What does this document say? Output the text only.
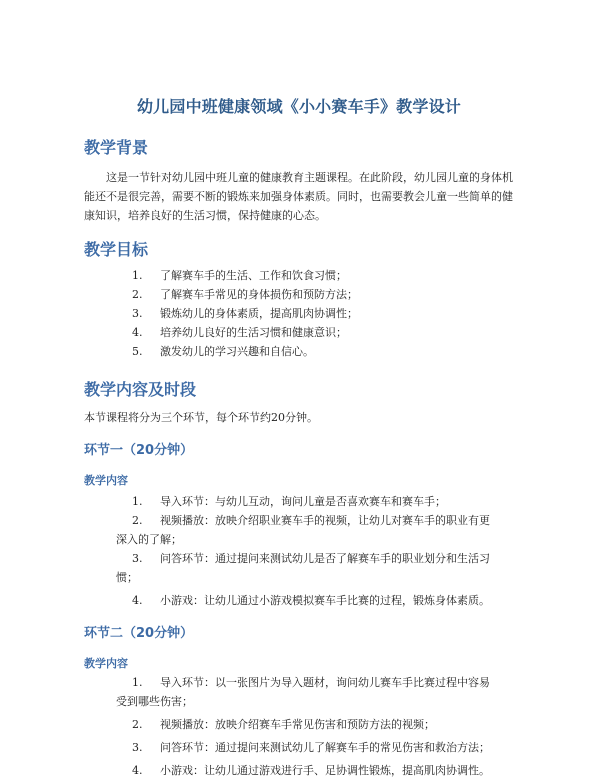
幼儿园中班健康领域《小小赛车手》教学设计
教学背景

这是一节针对幼儿园中班儿童的健康教育主题课程。在此阶段，幼儿园儿童的身体机能还不是很完善，需要不断的锻炼来加强身体素质。同时，也需要教会儿童一些简单的健康知识，培养良好的生活习惯，保持健康的心态。

教学目标
1. 了解赛车手的生活、工作和饮食习惯；
2. 了解赛车手常见的身体损伤和预防方法；
3. 锻炼幼儿的身体素质，提高肌肉协调性；
4. 培养幼儿良好的生活习惯和健康意识；
5. 激发幼儿的学习兴趣和自信心。
教学内容及时段

本节课程将分为三个环节，每个环节约20分钟。

环节一（20分钟）
教学内容
1. 导入环节：与幼儿互动，询问儿童是否喜欢赛车和赛车手；
2. 视频播放：放映介绍职业赛车手的视频，让幼儿对赛车手的职业有更
深入的了解；
3. 问答环节：通过提问来测试幼儿是否了解赛车手的职业划分和生活习
惯；
4. 小游戏：让幼儿通过小游戏模拟赛车手比赛的过程，锻炼身体素质。
环节二（20分钟）
教学内容
1. 导入环节：以一张图片为导入题材，询问幼儿赛车手比赛过程中容易
受到哪些伤害；
2. 视频播放：放映介绍赛车手常见伤害和预防方法的视频；
3. 问答环节：通过提问来测试幼儿了解赛车手的常见伤害和救治方法；
4. 小游戏：让幼儿通过游戏进行手、足协调性锻炼，提高肌肉协调性。
